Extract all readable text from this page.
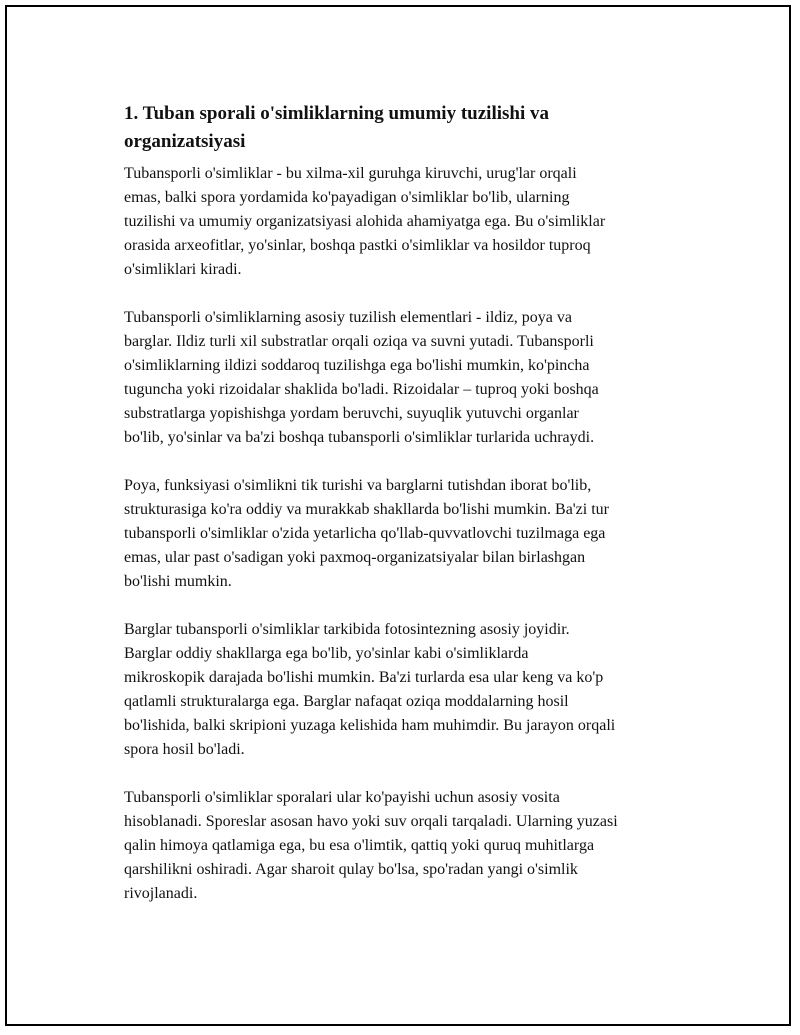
1. Tuban sporali o'simliklarning umumiy tuzilishi va
organizatsiyasi

Tubansporli o'simliklar - bu xilma-xil guruhga kiruvchi, urug'lar orqali
emas, balki spora yordamida ko'payadigan o'simliklar bo'lib, ularning
tuzilishi va umumiy organizatsiyasi alohida ahamiyatga ega. Bu o'simliklar
orasida arxeofitlar, yo'sinlar, boshqa pastki o'simliklar va hosildor tuproq
o'simliklari kiradi.

Tubansporli o'simliklarning asosiy tuzilish elementlari - ildiz, poya va
barglar. Ildiz turli xil substratlar orqali oziqa va suvni yutadi. Tubansporli
o'simliklarning ildizi soddaroq tuzilishga ega bo'lishi mumkin, ko'pincha
tuguncha yoki rizoidalar shaklida bo'ladi. Rizoidalar – tuproq yoki boshqa
substratlarga yopishishga yordam beruvchi, suyuqlik yutuvchi organlar
bo'lib, yo'sinlar va ba'zi boshqa tubansporli o'simliklar turlarida uchraydi.

Poya, funksiyasi o'simlikni tik turishi va barglarni tutishdan iborat bo'lib,
strukturasiga ko'ra oddiy va murakkab shakllarda bo'lishi mumkin. Ba'zi tur
tubansporli o'simliklar o'zida yetarlicha qo'llab-quvvatlovchi tuzilmaga ega
emas, ular past o'sadigan yoki paxmoq-organizatsiyalar bilan birlashgan
bo'lishi mumkin.

Barglar tubansporli o'simliklar tarkibida fotosintezning asosiy joyidir.
Barglar oddiy shakllarga ega bo'lib, yo'sinlar kabi o'simliklarda
mikroskopik darajada bo'lishi mumkin. Ba'zi turlarda esa ular keng va ko'p
qatlamli strukturalarga ega. Barglar nafaqat oziqa moddalarning hosil
bo'lishida, balki skripioni yuzaga kelishida ham muhimdir. Bu jarayon orqali
spora hosil bo'ladi.

Tubansporli o'simliklar sporalari ular ko'payishi uchun asosiy vosita
hisoblanadi. Sporeslar asosan havo yoki suv orqali tarqaladi. Ularning yuzasi
qalin himoya qatlamiga ega, bu esa o'limtik, qattiq yoki quruq muhitlarga
qarshilikni oshiradi. Agar sharoit qulay bo'lsa, spo'radan yangi o'simlik
rivojlanadi.
